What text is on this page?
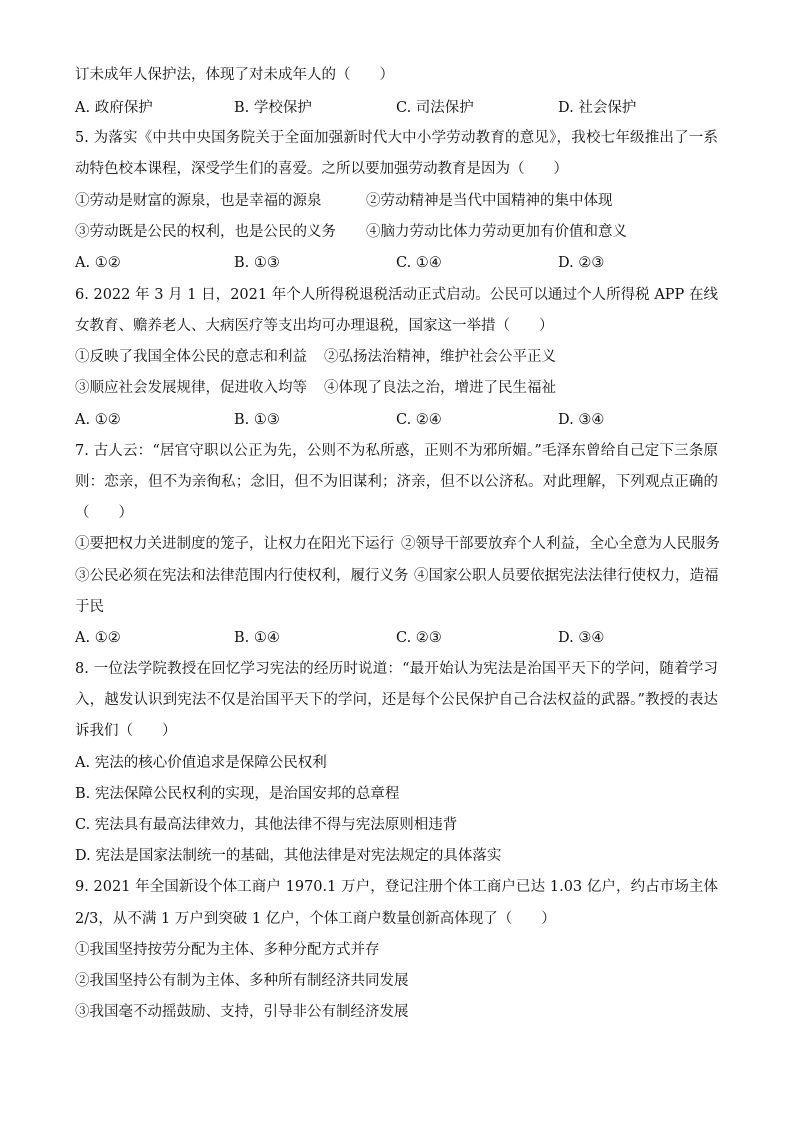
订未成年人保护法，体现了对未成年人的（　　）
A. 政府保护	B. 学校保护	C. 司法保护	D. 社会保护
5. 为落实《中共中央国务院关于全面加强新时代大中小学劳动教育的意见》，我校七年级推出了一系
动特色校本课程，深受学生们的喜爱。之所以要加强劳动教育是因为（　　）
①劳动是财富的源泉，也是幸福的源泉	②劳动精神是当代中国精神的集中体现
③劳动既是公民的权利，也是公民的义务 ④脑力劳动比体力劳动更加有价值和意义
A. ①②	B. ①③	C. ①④	D. ②③
6. 2022 年 3 月 1 日，2021 年个人所得税退税活动正式启动。公民可以通过个人所得税 APP 在线
女教育、赡养老人、大病医疗等支出均可办理退税，国家这一举措（　　）
①反映了我国全体公民的意志和利益 ②弘扬法治精神，维护社会公平正义
③顺应社会发展规律，促进收入均等 ④体现了良法之治，增进了民生福祉
A. ①②	B. ①③	C. ②④	D. ③④
7. 古人云：“居官守职以公正为先，公则不为私所惑，正则不为邪所媚。”毛泽东曾给自己定下三条原
则：恋亲，但不为亲徇私；念旧，但不为旧谋利；济亲，但不以公济私。对此理解，下列观点正确的
（　　）
①要把权力关进制度的笼子，让权力在阳光下运行 ②领导干部要放弃个人利益，全心全意为人民服务
③公民必须在宪法和法律范围内行使权利，履行义务 ④国家公职人员要依据宪法法律行使权力，造福
于民
A. ①②	B. ①④	C. ②③	D. ③④
8. 一位法学院教授在回忆学习宪法的经历时说道：“最开始认为宪法是治国平天下的学问，随着学习
入，越发认识到宪法不仅是治国平天下的学问，还是每个公民保护自己合法权益的武器。”教授的表达
诉我们（　　）
A. 宪法的核心价值追求是保障公民权利
B. 宪法保障公民权利的实现，是治国安邦的总章程
C. 宪法具有最高法律效力，其他法律不得与宪法原则相违背
D. 宪法是国家法制统一的基础，其他法律是对宪法规定的具体落实
9. 2021 年全国新设个体工商户 1970.1 万户，登记注册个体工商户已达 1.03 亿户，约占市场主体
2/3，从不满 1 万户到突破 1 亿户，个体工商户数量创新高体现了（　　）
①我国坚持按劳分配为主体、多种分配方式并存
②我国坚持公有制为主体、多种所有制经济共同发展
③我国毫不动摇鼓励、支持，引导非公有制经济发展
